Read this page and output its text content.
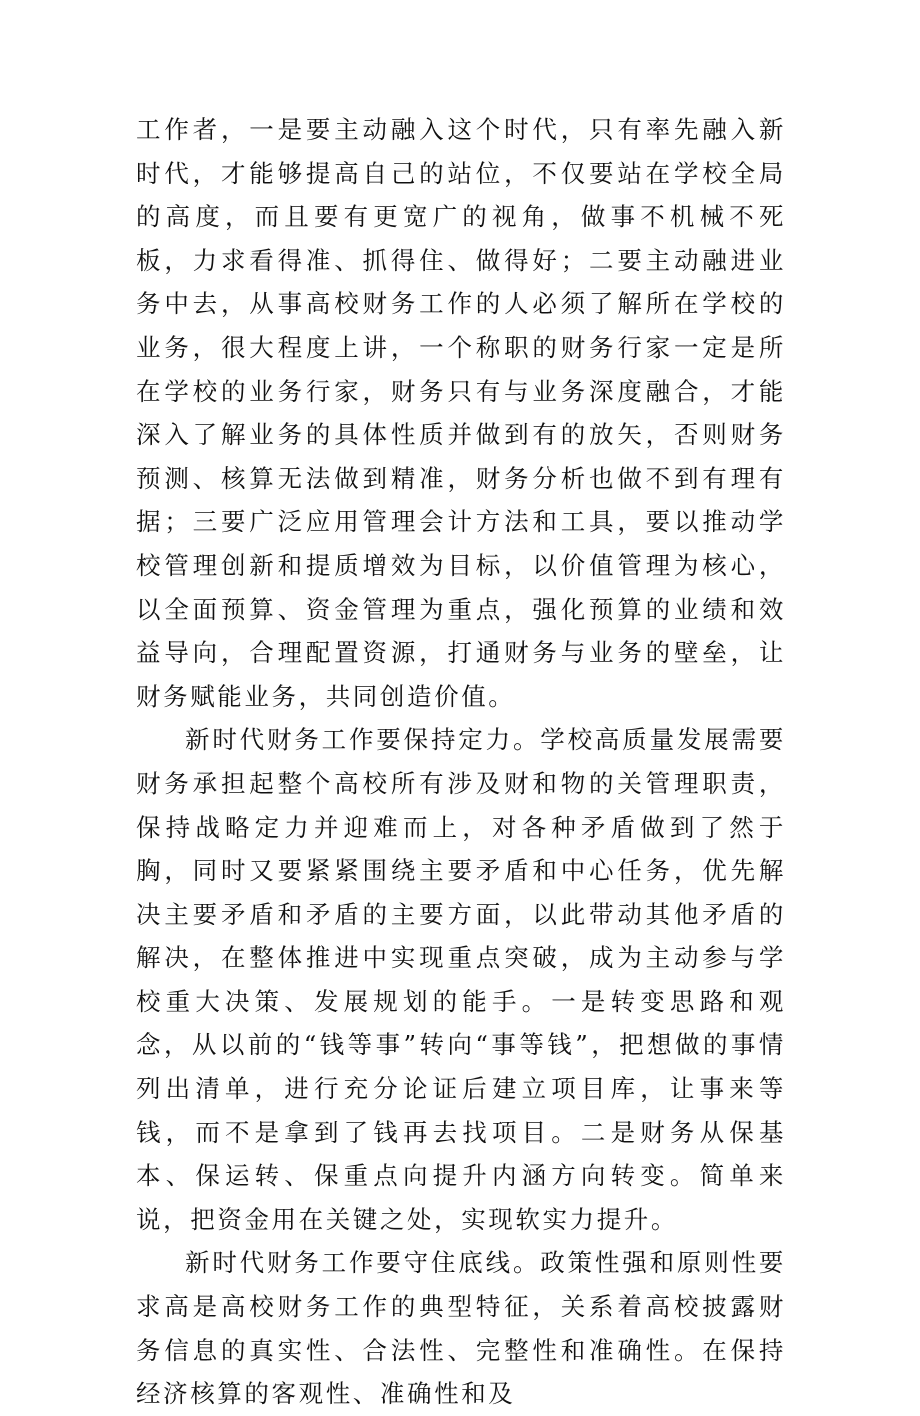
工作者，一是要主动融入这个时代，只有率先融入新时代，才能够提高自己的站位，不仅要站在学校全局的高度，而且要有更宽广的视角，做事不机械不死板，力求看得准、抓得住、做得好；二要主动融进业务中去，从事高校财务工作的人必须了解所在学校的业务，很大程度上讲，一个称职的财务行家一定是所在学校的业务行家，财务只有与业务深度融合，才能深入了解业务的具体性质并做到有的放矢，否则财务预测、核算无法做到精准，财务分析也做不到有理有据；三要广泛应用管理会计方法和工具，要以推动学校管理创新和提质增效为目标，以价值管理为核心，以全面预算、资金管理为重点，强化预算的业绩和效益导向，合理配置资源，打通财务与业务的壁垒，让财务赋能业务，共同创造价值。

新时代财务工作要保持定力。学校高质量发展需要财务承担起整个高校所有涉及财和物的关管理职责，保持战略定力并迎难而上，对各种矛盾做到了然于胸，同时又要紧紧围绕主要矛盾和中心任务，优先解决主要矛盾和矛盾的主要方面，以此带动其他矛盾的解决，在整体推进中实现重点突破，成为主动参与学校重大决策、发展规划的能手。一是转变思路和观念，从以前的“钱等事”转向“事等钱”，把想做的事情列出清单，进行充分论证后建立项目库，让事来等钱，而不是拿到了钱再去找项目。二是财务从保基本、保运转、保重点向提升内涵方向转变。简单来说，把资金用在关键之处，实现软实力提升。

新时代财务工作要守住底线。政策性强和原则性要求高是高校财务工作的典型特征，关系着高校披露财务信息的真实性、合法性、完整性和准确性。在保持经济核算的客观性、准确性和及
